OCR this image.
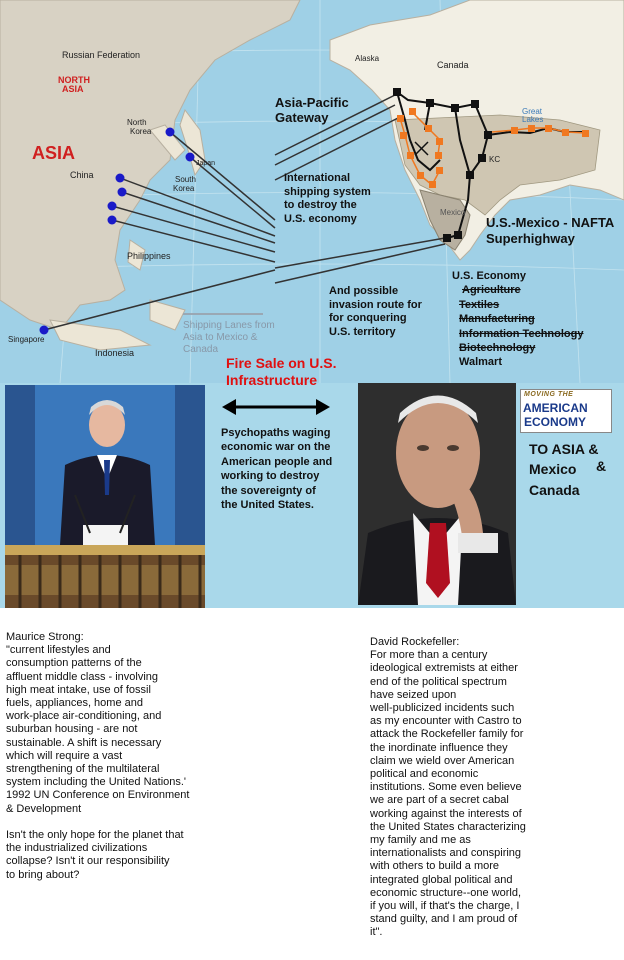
Russian Federation
NORTH
ASIA
ASIA
North
Korea
Japan
South
Korea
China
Philippines
Singapore
Indonesia
Alaska
Canada
Great
Lakes
KC
Mexico
Asia-Pacific
Gateway
International
shipping system
to destroy the
U.S. economy	U.S.-Mexico - NAFTA
Superhighway
And possible
invasion route for
for conquering
U.S. territory
Shipping Lanes from
Asia to Mexico &
Canada
U.S. Economy
Agriculture
Textiles
Manufacturing
Information Technology
Biotechnology
Walmart
Fire Sale on U.S.
Infrastructure
Psychopaths waging
economic war on the
American people and
working to destroy
the sovereignty of
the United States.
MOVING THE
AMERICAN
ECONOMY
TO ASIA &
&
Mexico
Canada
Maurice Strong:
"current lifestyles and
consumption patterns of the
affluent middle class - involving
high meat intake, use of fossil
fuels, appliances, home and
work-place air-conditioning, and
suburban housing - are not
sustainable. A shift is necessary
which will require a vast
strengthening of the multilateral
system including the United Nations.'
1992 UN Conference on Environment
& Development

Isn't the only hope for the planet that
the industrialized civilizations
collapse? Isn't it our responsibility
to bring about?
David Rockefeller:
For more than a century
ideological extremists at either
end of the political spectrum
have seized upon
well-publicized incidents such
as my encounter with Castro to
attack the Rockefeller family for
the inordinate influence they
claim we wield over American
political and economic
institutions. Some even believe
we are part of a secret cabal
working against the interests of
the United States characterizing
my family and me as
internationalists and conspiring
with others to build a more
integrated global political and
economic structure--one world,
if you will, if that's the charge, I
stand guilty, and I am proud of
it".
